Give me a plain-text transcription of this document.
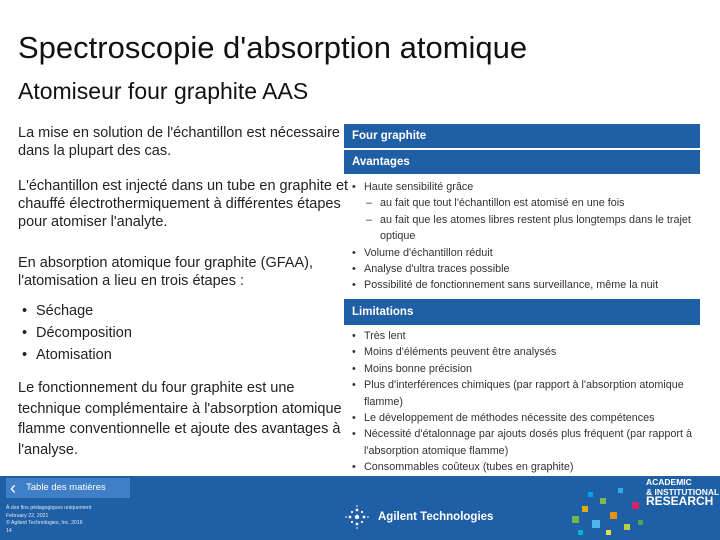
Spectroscopie d'absorption atomique
Atomiseur four graphite AAS
La mise en solution de l'échantillon est nécessaire dans la plupart des cas.
L'échantillon est injecté dans un tube en graphite et chauffé électrothermiquement à différentes étapes pour atomiser l'analyte.
En absorption atomique four graphite (GFAA), l'atomisation a lieu en trois étapes :
• Séchage
• Décomposition
• Atomisation
Le fonctionnement du four graphite est une technique complémentaire à l'absorption atomique flamme conventionnelle et ajoute des avantages à l'analyse.
Four graphite
Avantages
• Haute sensibilité grâce
– au fait que tout l'échantillon est atomisé en une fois
– au fait que les atomes libres restent plus longtemps dans le trajet optique
• Volume d'échantillon réduit
• Analyse d'ultra traces possible
• Possibilité de fonctionnement sans surveillance, même la nuit
Limitations
• Très lent
• Moins d'éléments peuvent être analysés
• Moins bonne précision
• Plus d'interférences chimiques (par rapport à l'absorption atomique flamme)
• Le développement de méthodes nécessite des compétences
• Nécessité d'étalonnage par ajouts dosés plus fréquent (par rapport à l'absorption atomique flamme)
• Consommables coûteux (tubes en graphite)
‹ Table des matières
À des fins pédagogiques uniquement
February 22, 2021
© Agilent Technologies, Inc. 2016
14
Agilent Technologies
ACADEMIC
& INSTITUTIONAL
RESEARCH
